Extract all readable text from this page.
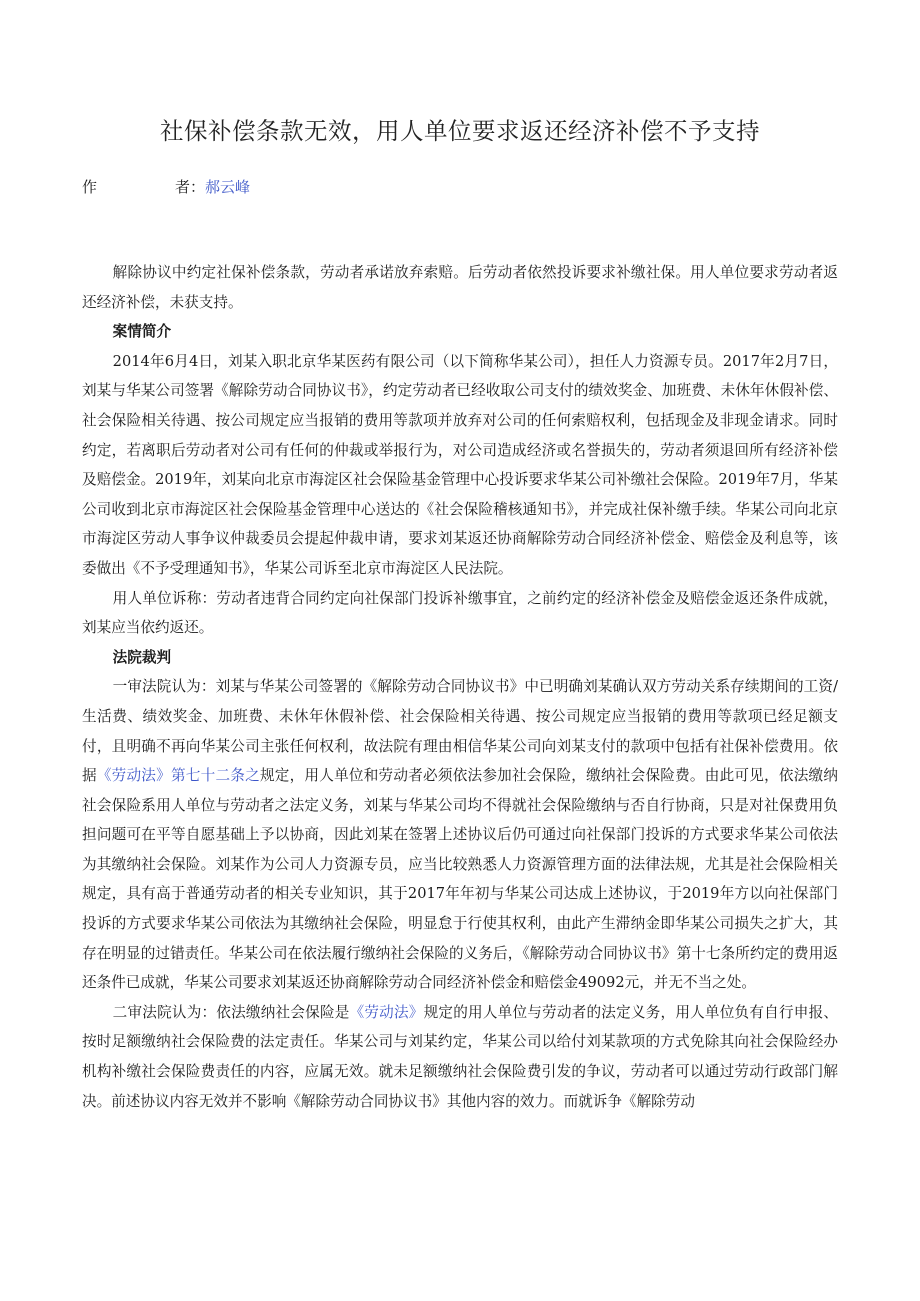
社保补偿条款无效，用人单位要求返还经济补偿不予支持
作	者：郝云峰

解除协议中约定社保补偿条款，劳动者承诺放弃索赔。后劳动者依然投诉要求补缴社保。用人单位要求劳动者返还经济补偿，未获支持。

案情简介

2014年6月4日，刘某入职北京华某医药有限公司（以下简称华某公司），担任人力资源专员。2017年2月7日，刘某与华某公司签署《解除劳动合同协议书》，约定劳动者已经收取公司支付的绩效奖金、加班费、未休年休假补偿、社会保险相关待遇、按公司规定应当报销的费用等款项并放弃对公司的任何索赔权利，包括现金及非现金请求。同时约定，若离职后劳动者对公司有任何的仲裁或举报行为，对公司造成经济或名誉损失的，劳动者须退回所有经济补偿及赔偿金。2019年，刘某向北京市海淀区社会保险基金管理中心投诉要求华某公司补缴社会保险。2019年7月，华某公司收到北京市海淀区社会保险基金管理中心送达的《社会保险稽核通知书》，并完成社保补缴手续。华某公司向北京市海淀区劳动人事争议仲裁委员会提起仲裁申请，要求刘某返还协商解除劳动合同经济补偿金、赔偿金及利息等，该委做出《不予受理通知书》，华某公司诉至北京市海淀区人民法院。

用人单位诉称：劳动者违背合同约定向社保部门投诉补缴事宜，之前约定的经济补偿金及赔偿金返还条件成就，刘某应当依约返还。

法院裁判

一审法院认为：刘某与华某公司签署的《解除劳动合同协议书》中已明确刘某确认双方劳动关系存续期间的工资/生活费、绩效奖金、加班费、未休年休假补偿、社会保险相关待遇、按公司规定应当报销的费用等款项已经足额支付，且明确不再向华某公司主张任何权利，故法院有理由相信华某公司向刘某支付的款项中包括有社保补偿费用。依据《劳动法》第七十二条之规定，用人单位和劳动者必须依法参加社会保险，缴纳社会保险费。由此可见，依法缴纳社会保险系用人单位与劳动者之法定义务，刘某与华某公司均不得就社会保险缴纳与否自行协商，只是对社保费用负担问题可在平等自愿基础上予以协商，因此刘某在签署上述协议后仍可通过向社保部门投诉的方式要求华某公司依法为其缴纳社会保险。刘某作为公司人力资源专员，应当比较熟悉人力资源管理方面的法律法规，尤其是社会保险相关规定，具有高于普通劳动者的相关专业知识，其于2017年年初与华某公司达成上述协议，于2019年方以向社保部门投诉的方式要求华某公司依法为其缴纳社会保险，明显怠于行使其权利，由此产生滞纳金即华某公司损失之扩大，其存在明显的过错责任。华某公司在依法履行缴纳社会保险的义务后，《解除劳动合同协议书》第十七条所约定的费用返还条件已成就，华某公司要求刘某返还协商解除劳动合同经济补偿金和赔偿金49092元，并无不当之处。

二审法院认为：依法缴纳社会保险是《劳动法》规定的用人单位与劳动者的法定义务，用人单位负有自行申报、按时足额缴纳社会保险费的法定责任。华某公司与刘某约定，华某公司以给付刘某款项的方式免除其向社会保险经办机构补缴社会保险费责任的内容，应属无效。就未足额缴纳社会保险费引发的争议，劳动者可以通过劳动行政部门解决。前述协议内容无效并不影响《解除劳动合同协议书》其他内容的效力。而就诉争《解除劳动
